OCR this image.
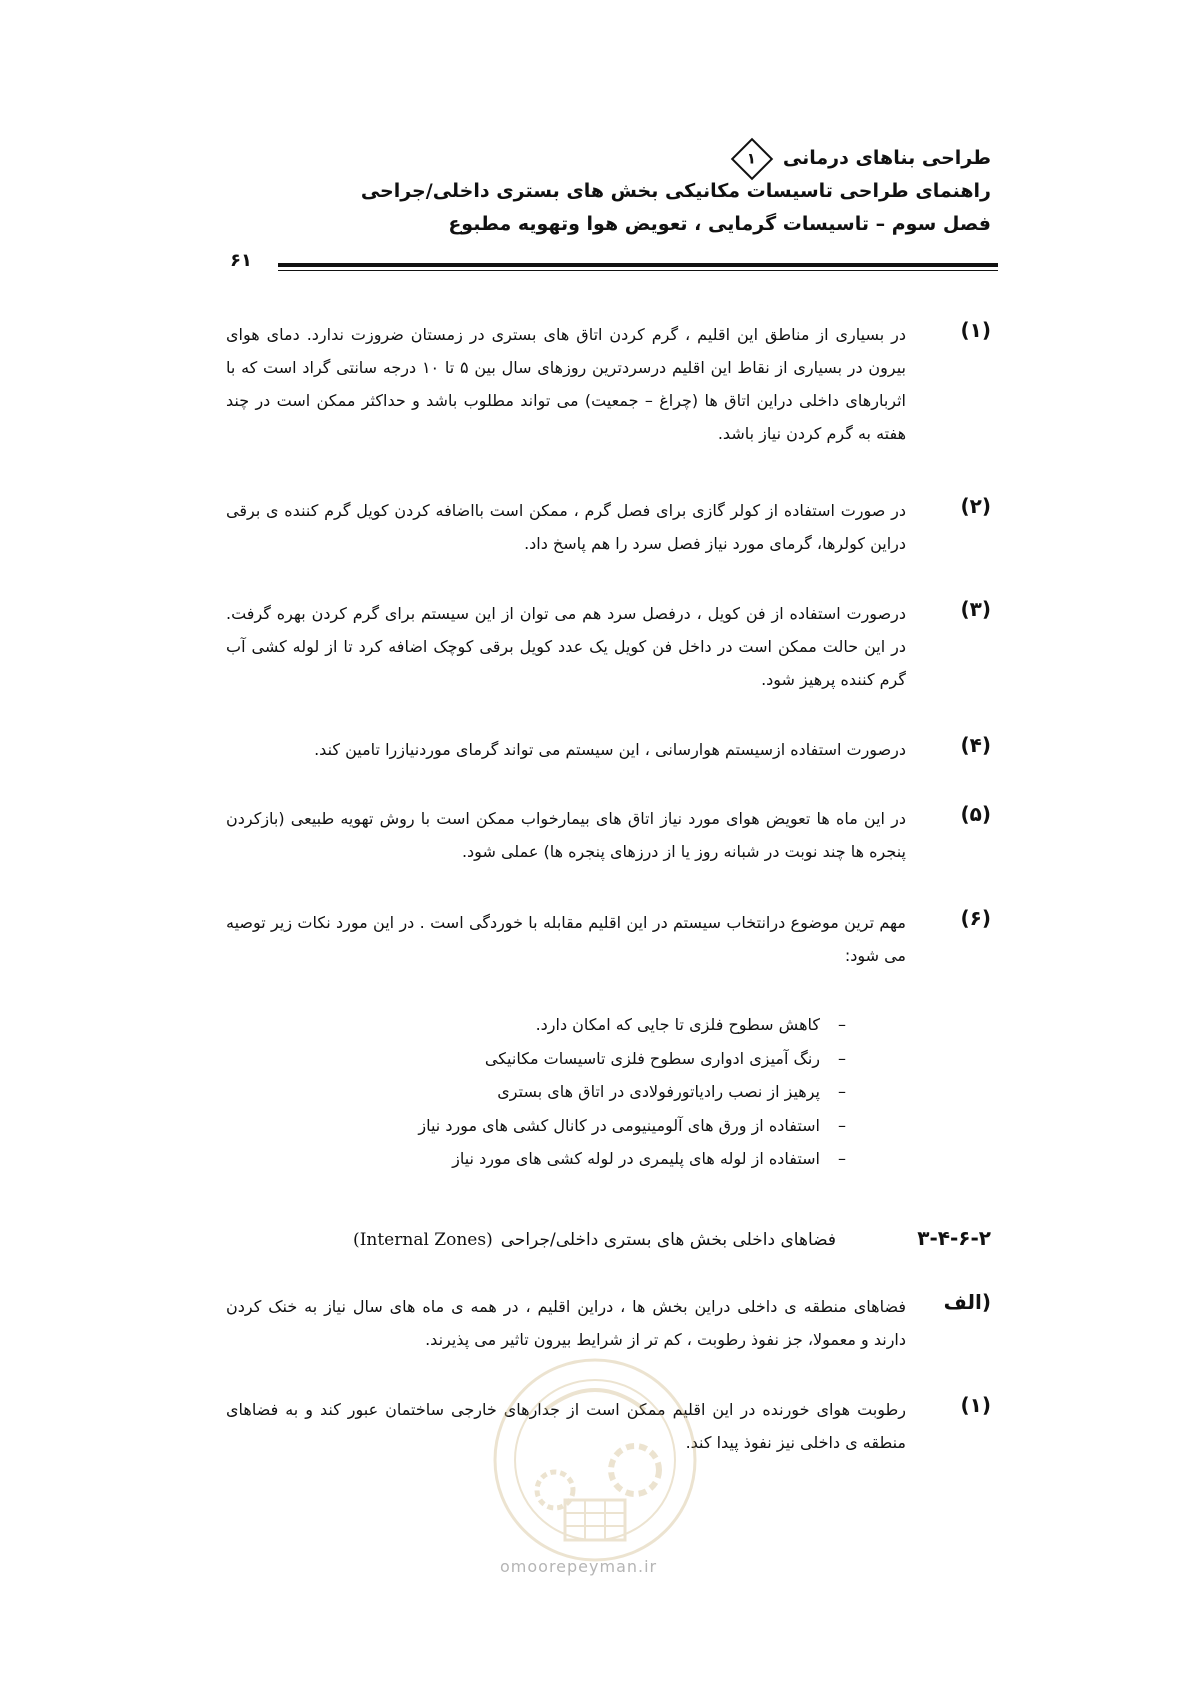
طراحی بناهای درمانی
۱
راهنمای طراحی تاسیسات مکانیکی بخش های بستری داخلی/جراحی
فصل سوم – تاسیسات گرمایی ، تعویض هوا وتهویه مطبوع
۶۱
(۱)
در بسیاری از مناطق این اقلیم ، گرم کردن اتاق های بستری در زمستان ضروزت ندارد. دمای هوای بیرون در بسیاری از نقاط این اقلیم درسردترین روزهای سال بین ۵ تا ۱۰ درجه سانتی گراد است که با اثربارهای داخلی دراین اتاق ها (چراغ – جمعیت) می تواند مطلوب باشد و حداکثر ممکن است در چند هفته به گرم کردن نیاز باشد.
(۲)
در صورت استفاده از کولر گازی برای فصل گرم ، ممکن است بااضافه کردن کویل گرم کننده ی برقی دراین کولرها، گرمای مورد نیاز فصل سرد را هم پاسخ داد.
(۳)
درصورت استفاده از فن کویل ، درفصل سرد هم می توان از این سیستم برای گرم کردن بهره گرفت. در این حالت ممکن است در داخل فن کویل یک عدد کویل برقی کوچک اضافه کرد تا از لوله کشی آب گرم کننده پرهیز شود.
(۴)
درصورت استفاده ازسیستم هوارسانی ، این سیستم می تواند گرمای موردنیازرا تامین کند.
(۵)
در این ماه ها تعویض هوای مورد نیاز اتاق های بیمارخواب ممکن است با روش تهویه طبیعی (بازکردن پنجره ها چند نوبت در شبانه روز یا از درزهای پنجره ها) عملی شود.
(۶)
مهم ترین موضوع درانتخاب سیستم در این اقلیم مقابله با خوردگی است . در این مورد نکات زیر توصیه می شود:
–کاهش سطوح فلزی تا جایی که امکان دارد.
–رنگ آمیزی ادواری سطوح فلزی تاسیسات مکانیکی
–پرهیز از نصب رادیاتورفولادی در اتاق های بستری
–استفاده از ورق های آلومینیومی در کانال کشی های مورد نیاز
–استفاده از لوله های پلیمری در لوله کشی های مورد نیاز
۳-۴-۶-۲
فضاهای داخلی بخش های بستری داخلی/جراحی
(Internal Zones)
الف)
فضاهای منطقه ی داخلی دراین بخش ها ، دراین اقلیم ، در همه ی ماه های سال نیاز به خنک کردن دارند و معمولا، جز نفوذ رطوبت ، کم تر از شرایط بیرون تاثیر می پذیرند.
(۱)
رطوبت هوای خورنده در این اقلیم ممکن است از جدارهای خارجی ساختمان عبور کند و به فضاهای منطقه ی داخلی نیز نفوذ پیدا کند.
omoorepeyman.ir
